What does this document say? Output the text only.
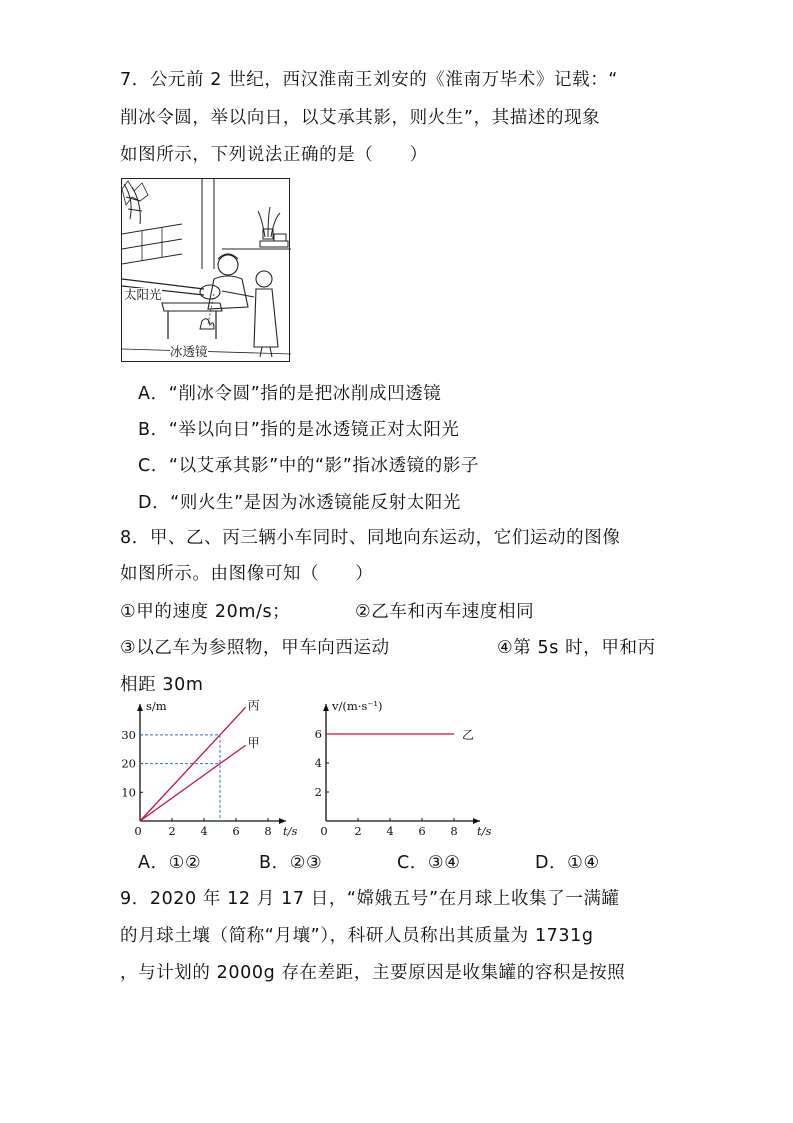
7．公元前 2 世纪，西汉淮南王刘安的《淮南万毕术》记载：“
削冰令圆，举以向日，以艾承其影，则火生”，其描述的现象
如图所示，下列说法正确的是（　　）
太阳光
冰透镜
A．“削冰令圆”指的是把冰削成凹透镜
B．“举以向日”指的是冰透镜正对太阳光
C．“以艾承其影”中的“影”指冰透镜的影子
D．“则火生”是因为冰透镜能反射太阳光
8．甲、乙、丙三辆小车同时、同地向东运动，它们运动的图像
如图所示。由图像可知（　　）
①甲的速度 20m/s；	②乙车和丙车速度相同
③以乙车为参照物，甲车向西运动	④第 5s 时，甲和丙
相距 30m
0 2 4 6 8
10
20
30
t/s
s/m	丙
甲
0 2 4 6 8
2
4
6
t/s
v/(m·s⁻¹)
乙
A．①②	B．②③	C．③④	D．①④
9．2020 年 12 月 17 日，“嫦娥五号”在月球上收集了一满罐
的月球土壤（简称“月壤”），科研人员称出其质量为 1731g
，与计划的 2000g 存在差距，主要原因是收集罐的容积是按照
